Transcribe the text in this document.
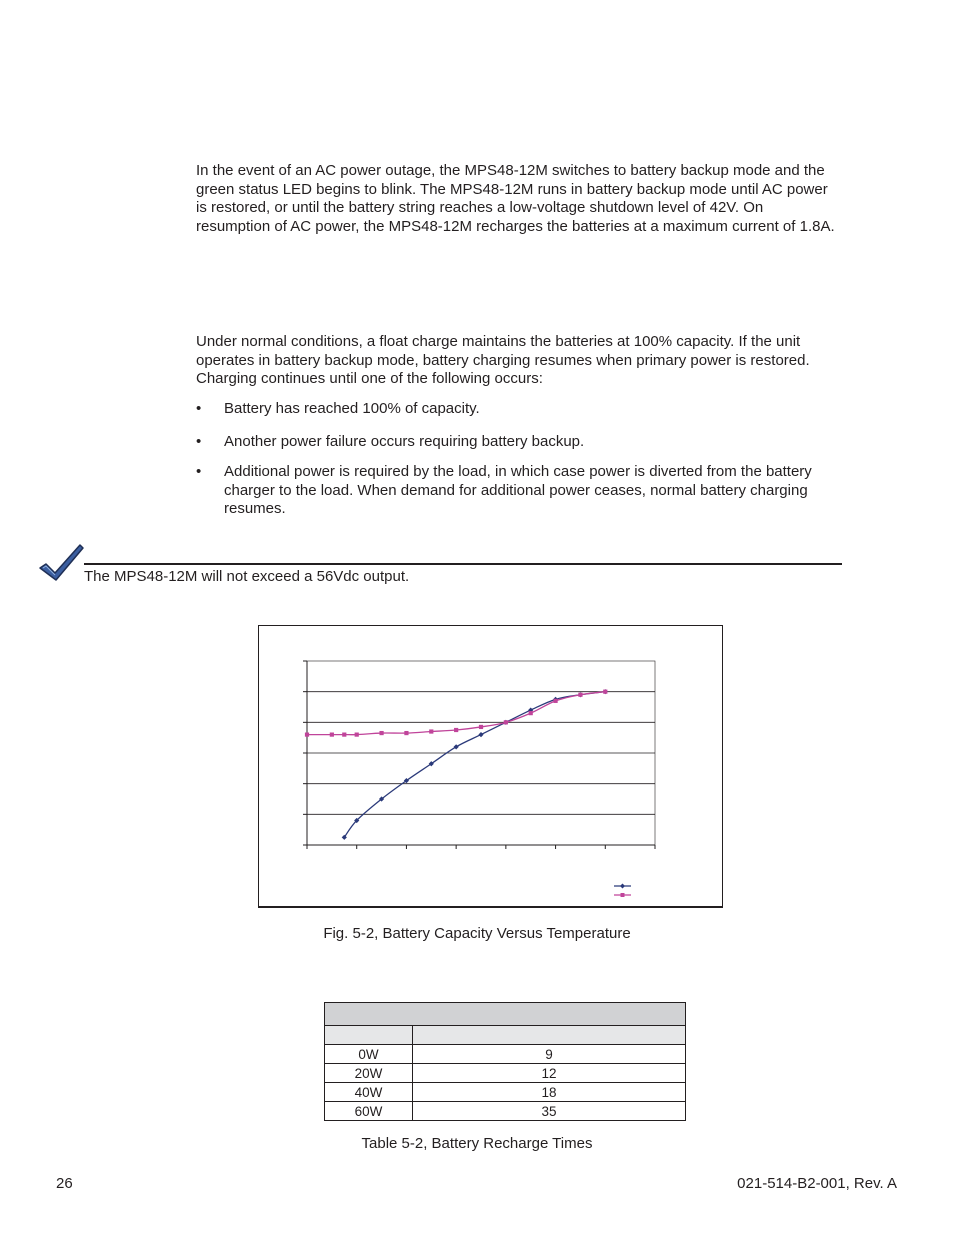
In the event of an AC power outage, the MPS48-12M switches to battery backup mode and the green status LED begins to blink. The MPS48-12M runs in battery backup mode until AC power is restored, or until the battery string reaches a low-voltage shutdown level of 42V. On resumption of AC power, the MPS48-12M recharges the batteries at a maximum current of 1.8A.

Under normal conditions, a float charge maintains the batteries at 100% capacity. If the unit operates in battery backup mode, battery charging resumes when primary power is restored. Charging continues until one of the following occurs:

• Battery has reached 100% of capacity.
• Another power failure occurs requiring battery backup.
• Additional power is required by the load, in which case power is diverted from the battery charger to the load. When demand for additional power ceases, normal battery charging resumes.
The MPS48-12M will not exceed a 56Vdc output.
Fig. 5-2, Battery Capacity Versus Temperature

0W	9
20W	12
40W	18
60W	35
Table 5-2, Battery Recharge Times
26	021-514-B2-001, Rev. A
